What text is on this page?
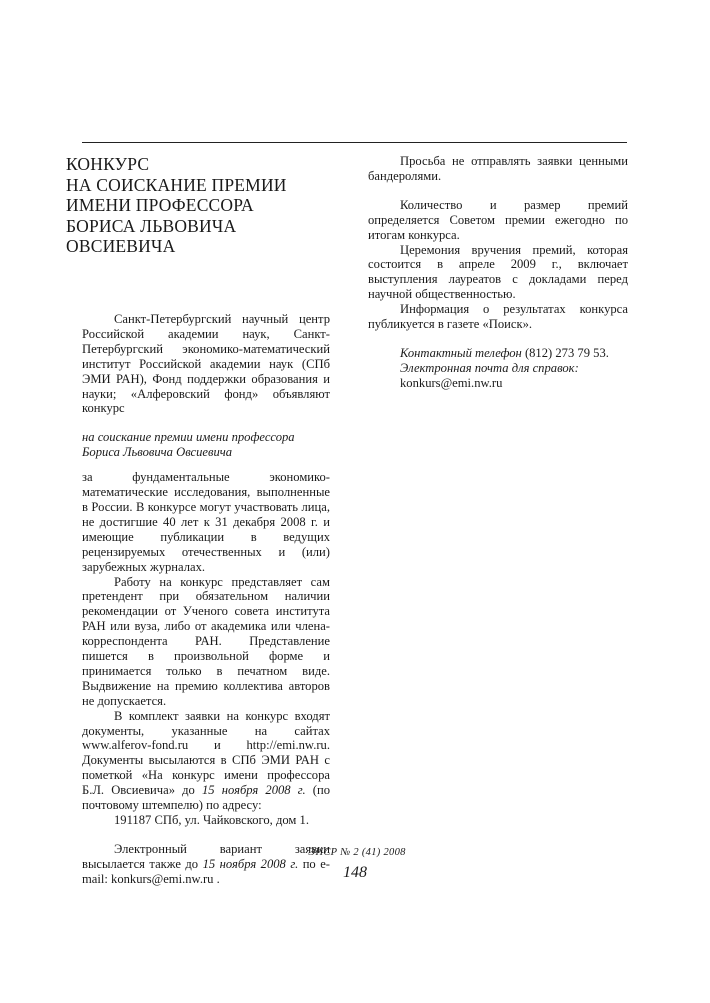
КОНКУРС
НА СОИСКАНИЕ ПРЕМИИ
ИМЕНИ ПРОФЕССОРА
БОРИСА ЛЬВОВИЧА
ОВСИЕВИЧА

Санкт-Петербургский научный центр Российской академии наук, Санкт-Петербургский экономико-математический институт Российской академии наук (СПб ЭМИ РАН), Фонд поддержки образования и науки; «Алферовский фонд» объявляют конкурс

на соискание премии имени профессора Бориса Львовича Овсиевича

за фундаментальные экономико-математические исследования, выполненные в России. В конкурсе могут участвовать лица, не достигшие 40 лет к 31 декабря 2008 г. и имеющие публикации в ведущих рецензируемых отечественных и (или) зарубежных журналах.

Работу на конкурс представляет сам претендент при обязательном наличии рекомендации от Ученого совета института РАН или вуза, либо от академика или члена-корреспондента РАН. Представление пишется в произвольной форме и принимается только в печатном виде. Выдвижение на премию коллектива авторов не допускается.

В комплект заявки на конкурс входят документы, указанные на сайтах www.alferov-fond.ru и http://emi.nw.ru. Документы высылаются в СПб ЭМИ РАН с пометкой «На конкурс имени профессора Б.Л. Овсиевича» до 15 ноября 2008 г. (по почтовому штемпелю) по адресу:

191187 СПб, ул. Чайковского, дом 1.

Электронный вариант заявки высылается также до 15 ноября 2008 г. по e-mail: konkurs@emi.nw.ru .

Просьба не отправлять заявки ценными бандеролями.

Количество и размер премий определяется Советом премии ежегодно по итогам конкурса.

Церемония вручения премий, которая состоится в апреле 2009 г., включает выступления лауреатов с докладами перед научной общественностью.

Информация о результатах конкурса публикуется в газете «Поиск».

Контактный телефон (812) 273 79 53.

Электронная почта для справок:

konkurs@emi.nw.ru

ЭНСР № 2 (41) 2008
148
